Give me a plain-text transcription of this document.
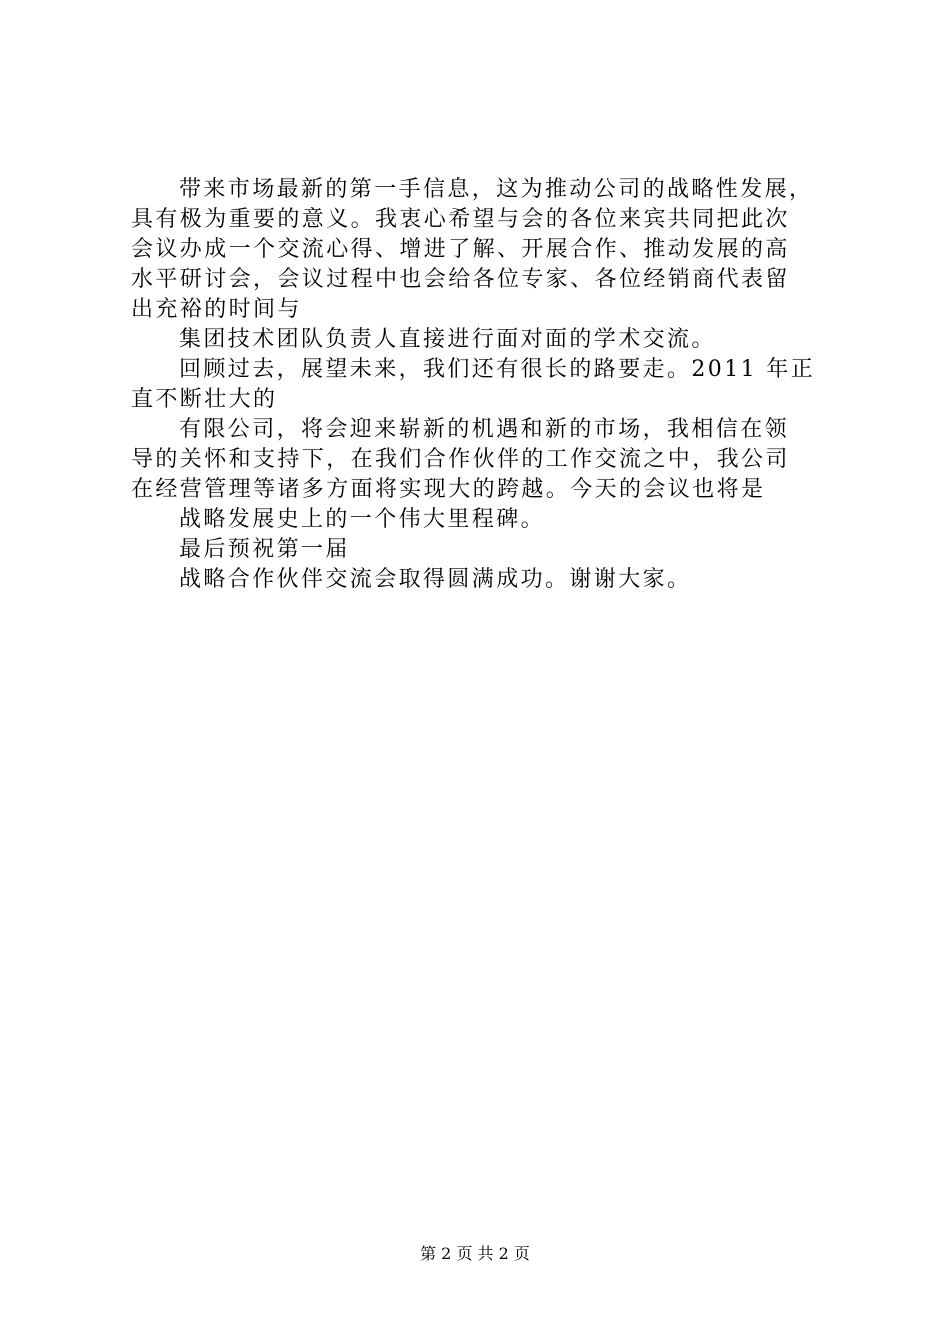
带来市场最新的第一手信息，这为推动公司的战略性发展，
具有极为重要的意义。我衷心希望与会的各位来宾共同把此次
会议办成一个交流心得、增进了解、开展合作、推动发展的高
水平研讨会，会议过程中也会给各位专家、各位经销商代表留
出充裕的时间与
集团技术团队负责人直接进行面对面的学术交流。
回顾过去，展望未来，我们还有很长的路要走。2011 年正
直不断壮大的
有限公司，将会迎来崭新的机遇和新的市场，我相信在领
导的关怀和支持下，在我们合作伙伴的工作交流之中，我公司
在经营管理等诸多方面将实现大的跨越。今天的会议也将是
战略发展史上的一个伟大里程碑。
最后预祝第一届
战略合作伙伴交流会取得圆满成功。谢谢大家。
第 2 页 共 2 页
